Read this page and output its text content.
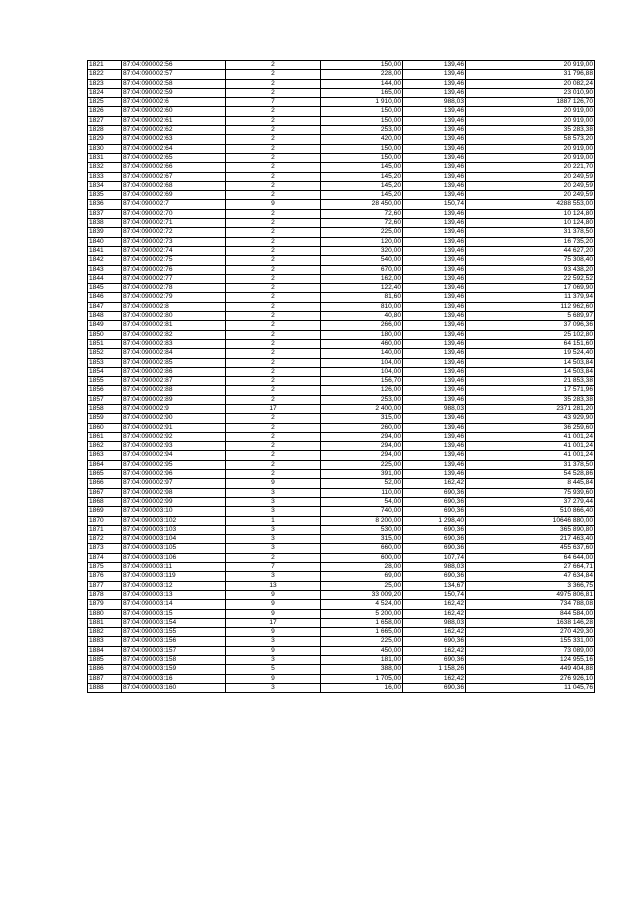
1821	87:04:090002:56	2	150,00	139,46	20 919,00
1822	87:04:090002:57	2	228,00	139,46	31 796,88
1823	87:04:090002:58	2	144,00	139,46	20 082,24
1824	87:04:090002:59	2	165,00	139,46	23 010,90
1825	87:04:090002:6	7	1 910,00	988,03	1887 126,70
1826	87:04:090002:60	2	150,00	139,46	20 919,00
1827	87:04:090002:61	2	150,00	139,46	20 919,00
1828	87:04:090002:62	2	253,00	139,46	35 283,38
1829	87:04:090002:63	2	420,00	139,46	58 573,20
1830	87:04:090002:64	2	150,00	139,46	20 919,00
1831	87:04:090002:65	2	150,00	139,46	20 919,00
1832	87:04:090002:66	2	145,00	139,46	20 221,70
1833	87:04:090002:67	2	145,20	139,46	20 249,59
1834	87:04:090002:68	2	145,20	139,46	20 249,59
1835	87:04:090002:69	2	145,20	139,46	20 249,59
1836	87:04:090002:7	9	28 450,00	150,74	4288 553,00
1837	87:04:090002:70	2	72,60	139,46	10 124,80
1838	87:04:090002:71	2	72,60	139,46	10 124,80
1839	87:04:090002:72	2	225,00	139,46	31 378,50
1840	87:04:090002:73	2	120,00	139,46	16 735,20
1841	87:04:090002:74	2	320,00	139,46	44 627,20
1842	87:04:090002:75	2	540,00	139,46	75 308,40
1843	87:04:090002:76	2	670,00	139,46	93 438,20
1844	87:04:090002:77	2	162,00	139,46	22 592,52
1845	87:04:090002:78	2	122,40	139,46	17 069,90
1846	87:04:090002:79	2	81,60	139,46	11 379,94
1847	87:04:090002:8	2	810,00	139,46	112 962,60
1848	87:04:090002:80	2	40,80	139,46	5 689,97
1849	87:04:090002:81	2	266,00	139,46	37 096,36
1850	87:04:090002:82	2	180,00	139,46	25 102,80
1851	87:04:090002:83	2	460,00	139,46	64 151,60
1852	87:04:090002:84	2	140,00	139,46	19 524,40
1853	87:04:090002:85	2	104,00	139,46	14 503,84
1854	87:04:090002:86	2	104,00	139,46	14 503,84
1855	87:04:090002:87	2	156,70	139,46	21 853,38
1856	87:04:090002:88	2	126,00	139,46	17 571,96
1857	87:04:090002:89	2	253,00	139,46	35 283,38
1858	87:04:090002:9	17	2 400,00	988,03	2371 281,20
1859	87:04:090002:90	2	315,00	139,46	43 929,90
1860	87:04:090002:91	2	260,00	139,46	36 259,60
1861	87:04:090002:92	2	294,00	139,46	41 001,24
1862	87:04:090002:93	2	294,00	139,46	41 001,24
1863	87:04:090002:94	2	294,00	139,46	41 001,24
1864	87:04:090002:95	2	225,00	139,46	31 378,50
1865	87:04:090002:96	2	391,00	139,46	54 528,86
1866	87:04:090002:97	9	52,00	162,42	8 445,84
1867	87:04:090002:98	3	110,00	690,36	75 939,60
1868	87:04:090002:99	3	54,00	690,36	37 279,44
1869	87:04:090003:10	3	740,00	690,36	510 866,40
1870	87:04:090003:102	1	8 200,00	1 298,40	10646 880,00
1871	87:04:090003:103	3	530,00	690,36	365 890,80
1872	87:04:090003:104	3	315,00	690,36	217 463,40
1873	87:04:090003:105	3	660,00	690,36	455 637,60
1874	87:04:090003:106	2	600,00	107,74	64 644,00
1875	87:04:090003:11	7	28,00	988,03	27 664,71
1876	87:04:090003:119	3	69,00	690,36	47 634,84
1877	87:04:090003:12	13	25,00	134,67	3 366,75
1878	87:04:090003:13	9	33 009,20	150,74	4975 806,81
1879	87:04:090003:14	9	4 524,00	162,42	734 788,08
1880	87:04:090003:15	9	5 200,00	162,42	844 584,00
1881	87:04:090003:154	17	1 658,00	988,03	1638 146,28
1882	87:04:090003:155	9	1 665,00	162,42	270 429,30
1883	87:04:090003:156	3	225,00	690,36	155 331,00
1884	87:04:090003:157	9	450,00	162,42	73 089,00
1885	87:04:090003:158	3	181,00	690,36	124 955,16
1886	87:04:090003:159	5	388,00	1 158,26	449 404,88
1887	87:04:090003:16	9	1 705,00	162,42	276 926,10
1888	87:04:090003:160	3	16,00	690,36	11 045,76
